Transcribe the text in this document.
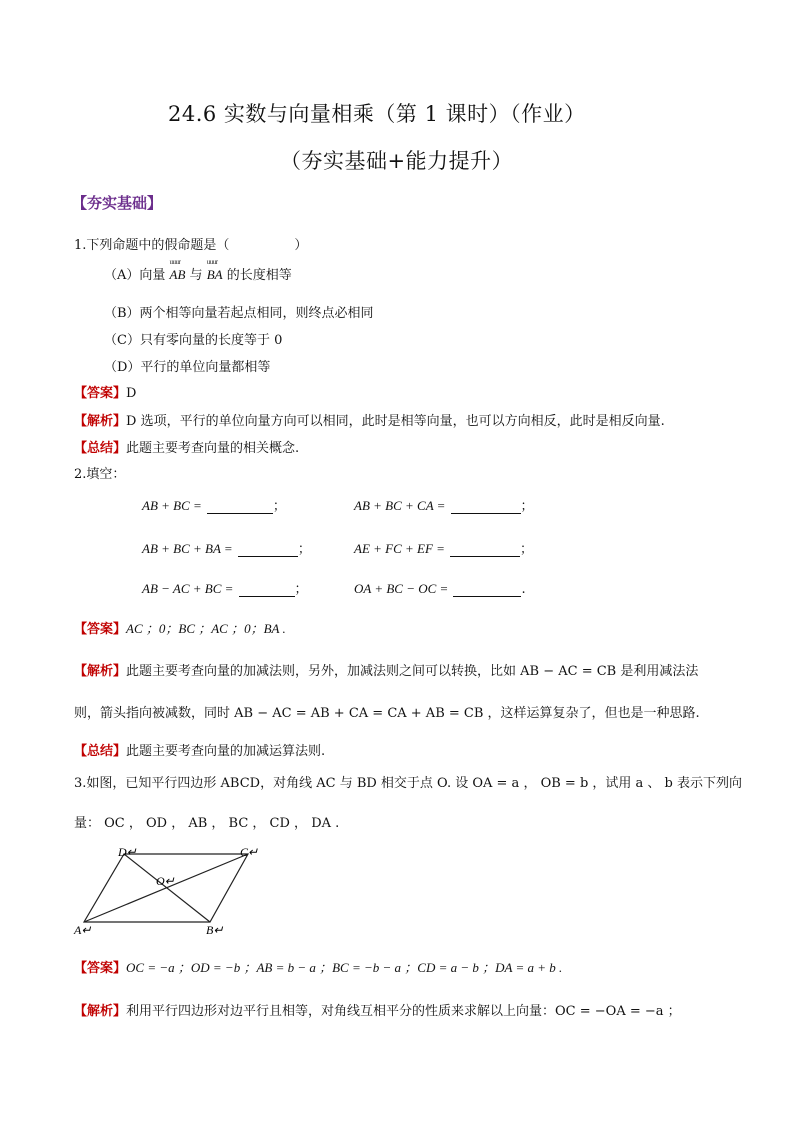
24.6 实数与向量相乘（第 1 课时）（作业）
（夯实基础+能力提升）
【夯实基础】
1.下列命题中的假命题是（　　　　　）
（A）向量 uuur AB 与 uuur BA 的长度相等
（B）两个相等向量若起点相同，则终点必相同
（C）只有零向量的长度等于 0
（D）平行的单位向量都相等
【答案】D
【解析】D 选项，平行的单位向量方向可以相同，此时是相等向量，也可以方向相反，此时是相反向量.
【总结】此题主要考查向量的相关概念.
2.填空：
AB + BC =	；	AB + BC + CA =	；
AB + BC + BA =	；	AE + FC + EF =	；
AB − AC + BC =	；	OA + BC − OC =	.
【答案】AC ；0；BC ；AC ；0；BA .
【解析】此题主要考查向量的加减法则，另外，加减法则之间可以转换，比如 AB − AC = CB 是利用减法法
则，箭头指向被减数，同时 AB − AC = AB + CA = CA + AB = CB ，这样运算复杂了，但也是一种思路.
【总结】此题主要考查向量的加减运算法则.
3.如图，已知平行四边形 ABCD，对角线 AC 与 BD 相交于点 O. 设 OA = a ， OB = b ，试用 a 、 b 表示下列向
量： OC ， OD ， AB ， BC ， CD ， DA .
D↵	C↵
O↵
A↵	B↵
【答案】OC = −a ；OD = −b ；AB = b − a ；BC = −b − a ；CD = a − b ；DA = a + b .
【解析】利用平行四边形对边平行且相等，对角线互相平分的性质来求解以上向量：OC = −OA = −a ；
